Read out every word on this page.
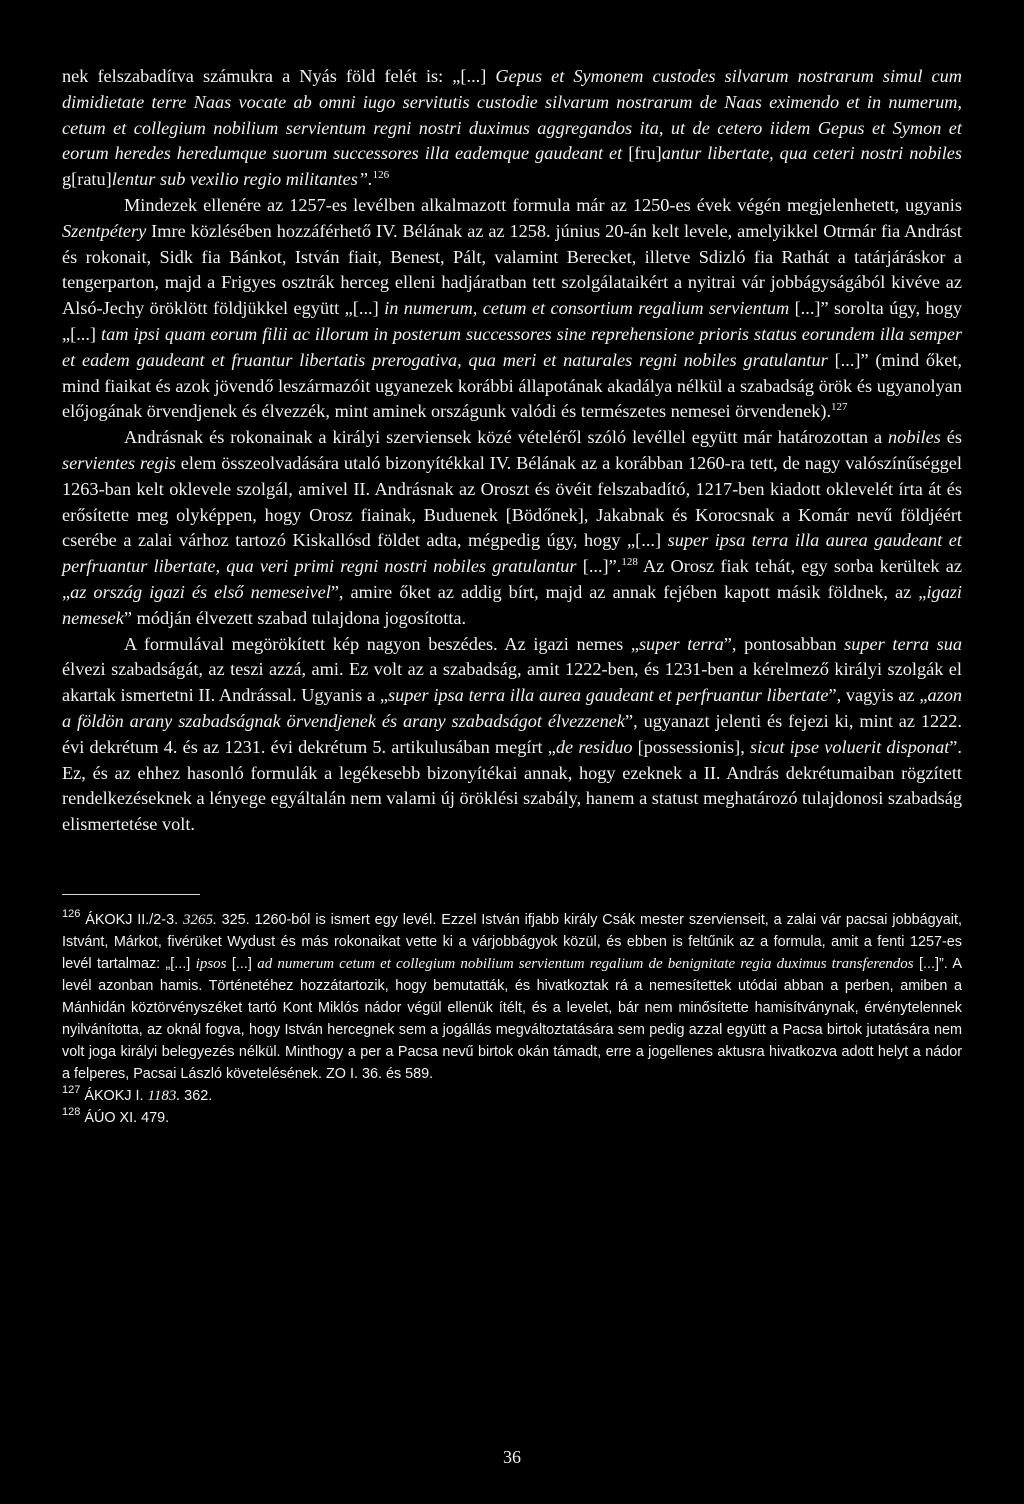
nek felszabadítva számukra a Nyás föld felét is: „[...] Gepus et Symonem custodes silvarum nostrarum simul cum dimidietate terre Naas vocate ab omni iugo servitutis custodie silvarum nostrarum de Naas eximendo et in numerum, cetum et collegium nobilium servientum regni nostri duximus aggregandos ita, ut de cetero iidem Gepus et Symon et eorum heredes heredumque suorum successores illa eademque gaudeant et [fru]antur libertate, qua ceteri nostri nobiles g[ratu]lentur sub vexilio regio militantes”.$^{126}$

Mindezek ellenére az 1257-es levélben alkalmazott formula már az 1250-es évek végén megjelenhetett, ugyanis Szentpétery Imre közlésében hozzáférhető IV. Bélának az az 1258. június 20-án kelt levele, amelyikkel Otrmár fia Andrást és rokonait, Sidk fia Bánkot, István fiait, Benest, Pált, valamint Berecket, illetve Sdizló fia Rathát a tatárjáráskor a tengerparton, majd a Frigyes osztrák herceg elleni hadjáratban tett szolgálataikért a nyitrai vár jobbágyságából kivéve az Alsó-Jechy öröklött földjükkel együtt „[...] in numerum, cetum et consortium regalium servientum [...]” sorolta úgy, hogy „[...] tam ipsi quam eorum filii ac illorum in posterum successores sine reprehensione prioris status eorundem illa semper et eadem gaudeant et fruantur libertatis prerogativa, qua meri et naturales regni nobiles gratulantur [...]” (mind őket, mind fiaikat és azok jövendő leszármazóit ugyanezek korábbi állapotának akadálya nélkül a szabadság örök és ugyanolyan előjogának örvendjenek és élvezzék, mint aminek országunk valódi és természetes nemesei örvendenek).$^{127}$

Andrásnak és rokonainak a királyi szerviensek közé vételéről szóló levéllel együtt már határozottan a nobiles és servientes regis elem összeolvadására utaló bizonyítékkal IV. Bélának az a korábban 1260-ra tett, de nagy valószínűséggel 1263-ban kelt oklevele szolgál, amivel II. Andrásnak az Oroszt és övéit felszabadító, 1217-ben kiadott oklevelét írta át és erősítette meg olyképpen, hogy Orosz fiainak, Buduenek [Bödőnek], Jakabnak és Korocsnak a Komár nevű földjéért cserébe a zalai várhoz tartozó Kiskallósd földet adta, mégpedig úgy, hogy „[...] super ipsa terra illa aurea gaudeant et perfruantur libertate, qua veri primi regni nostri nobiles gratulantur [...]”.$^{128}$ Az Orosz fiak tehát, egy sorba kerültek az „az ország igazi és első nemeseivel”, amire őket az addig bírt, majd az annak fejében kapott másik földnek, az „igazi nemesek” módján élvezett szabad tulajdona jogosította.

A formulával megörökített kép nagyon beszédes. Az igazi nemes „super terra”, pontosabban super terra sua élvezi szabadságát, az teszi azzá, ami. Ez volt az a szabadság, amit 1222-ben, és 1231-ben a kérelmező királyi szolgák el akartak ismertetni II. Andrással. Ugyanis a „super ipsa terra illa aurea gaudeant et perfruantur libertate”, vagyis az „azon a földön arany szabadságnak örvendjenek és arany szabadságot élvezzenek”, ugyanazt jelenti és fejezi ki, mint az 1222. évi dekrétum 4. és az 1231. évi dekrétum 5. artikulusában megírt „de residuo [possessionis], sicut ipse voluerit disponat”. Ez, és az ehhez hasonló formulák a legékesebb bizonyítékai annak, hogy ezeknek a II. András dekrétumaiban rögzített rendelkezéseknek a lényege egyáltalán nem valami új öröklési szabály, hanem a statust meghatározó tulajdonosi szabadság elismertetése volt.

$^{126}$ ÁKOKJ II./2-3. 3265. 325. 1260-ból is ismert egy levél. Ezzel István ifjabb király Csák mester szervienseit, a zalai vár pacsai jobbágyait, Istvánt, Márkot, fivérüket Wydust és más rokonaikat vette ki a várjobbágyok közül, és ebben is feltűnik az a formula, amit a fenti 1257-es levél tartalmaz: „[...] ipsos [...] ad numerum cetum et collegium nobilium servientum regalium de benignitate regia duximus transferendos [...]”. A levél azonban hamis. Történetéhez hozzátartozik, hogy bemutatták, és hivatkoztak rá a nemesítettek utódai abban a perben, amiben a Mánhidán köztörvényszéket tartó Kont Miklós nádor végül ellenük ítélt, és a levelet, bár nem minősítette hamisítványnak, érvénytelennek nyilvánította, az oknál fogva, hogy István hercegnek sem a jogállás megváltoztatására sem pedig azzal együtt a Pacsa birtok jutatására nem volt joga királyi belegyezés nélkül. Minthogy a per a Pacsa nevű birtok okán támadt, erre a jogellenes aktusra hivatkozva adott helyt a nádor a felperes, Pacsai László követelésének. ZO I. 36. és 589.

$^{127}$ ÁKOKJ I. 1183. 362.

$^{128}$ ÁÚO XI. 479.

36
